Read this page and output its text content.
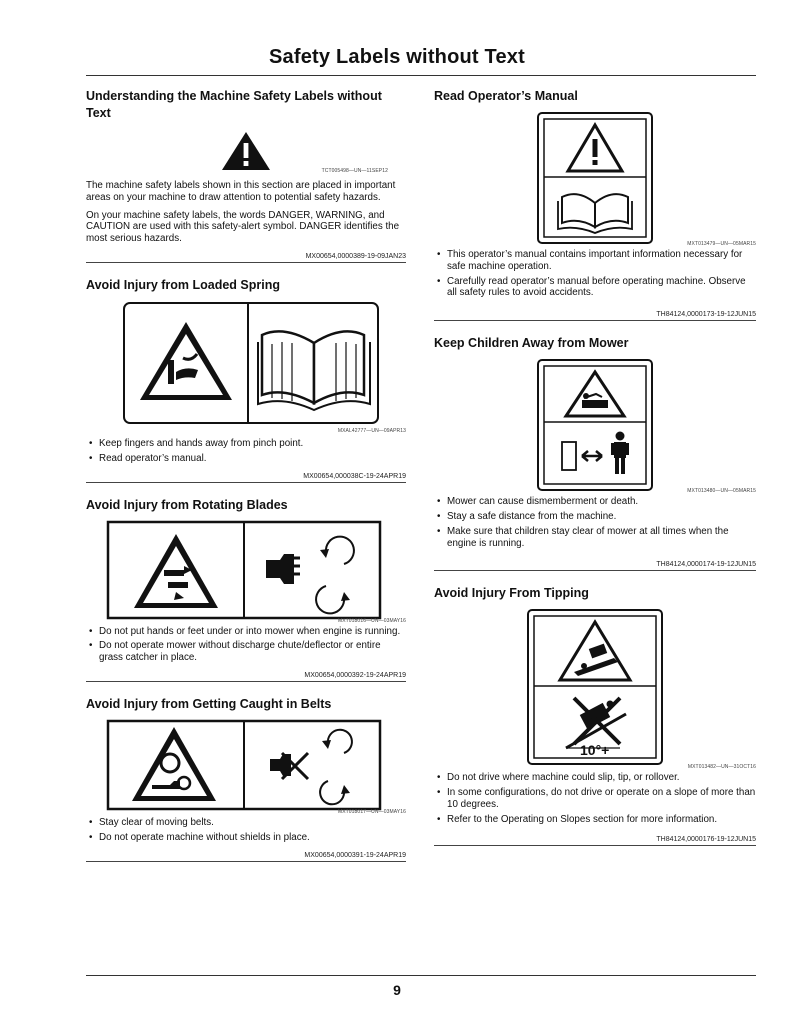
Safety Labels without Text
Understanding the Machine Safety Labels without Text
TCT005498—UN—11SEP12

The machine safety labels shown in this section are placed in important areas on your machine to draw attention to potential safety hazards.

On your machine safety labels, the words DANGER, WARNING, and CAUTION are used with this safety-alert symbol. DANGER identifies the most serious hazards.

MX00654,0000389-19-09JAN23
Avoid Injury from Loaded Spring
MXAL42777—UN—09APR13
• Keep fingers and hands away from pinch point.
• Read operator’s manual.
MX00654,000038C-19-24APR19
Avoid Injury from Rotating Blades
MXT018016—UN—03MAY16
• Do not put hands or feet under or into mower when engine is running.
• Do not operate mower without discharge chute/deflector or entire grass catcher in place.
MX00654,0000392-19-24APR19
Avoid Injury from Getting Caught in Belts
MXT018017—UN—03MAY16
• Stay clear of moving belts.
• Do not operate machine without shields in place.
MX00654,0000391-19-24APR19
Read Operator’s Manual
MXT013479—UN—05MAR15
• This operator’s manual contains important information necessary for safe machine operation.
• Carefully read operator’s manual before operating machine. Observe all safety rules to avoid accidents.
TH84124,0000173-19-12JUN15
Keep Children Away from Mower
MXT013480—UN—05MAR15
• Mower can cause dismemberment or death.
• Stay a safe distance from the machine.
• Make sure that children stay clear of mower at all times when the engine is running.
TH84124,0000174-19-12JUN15
Avoid Injury From Tipping
10°+
MXT013482—UN—31OCT16
• Do not drive where machine could slip, tip, or rollover.
• In some configurations, do not drive or operate on a slope of more than 10 degrees.
• Refer to the Operating on Slopes section for more information.
TH84124,0000176-19-12JUN15
9
